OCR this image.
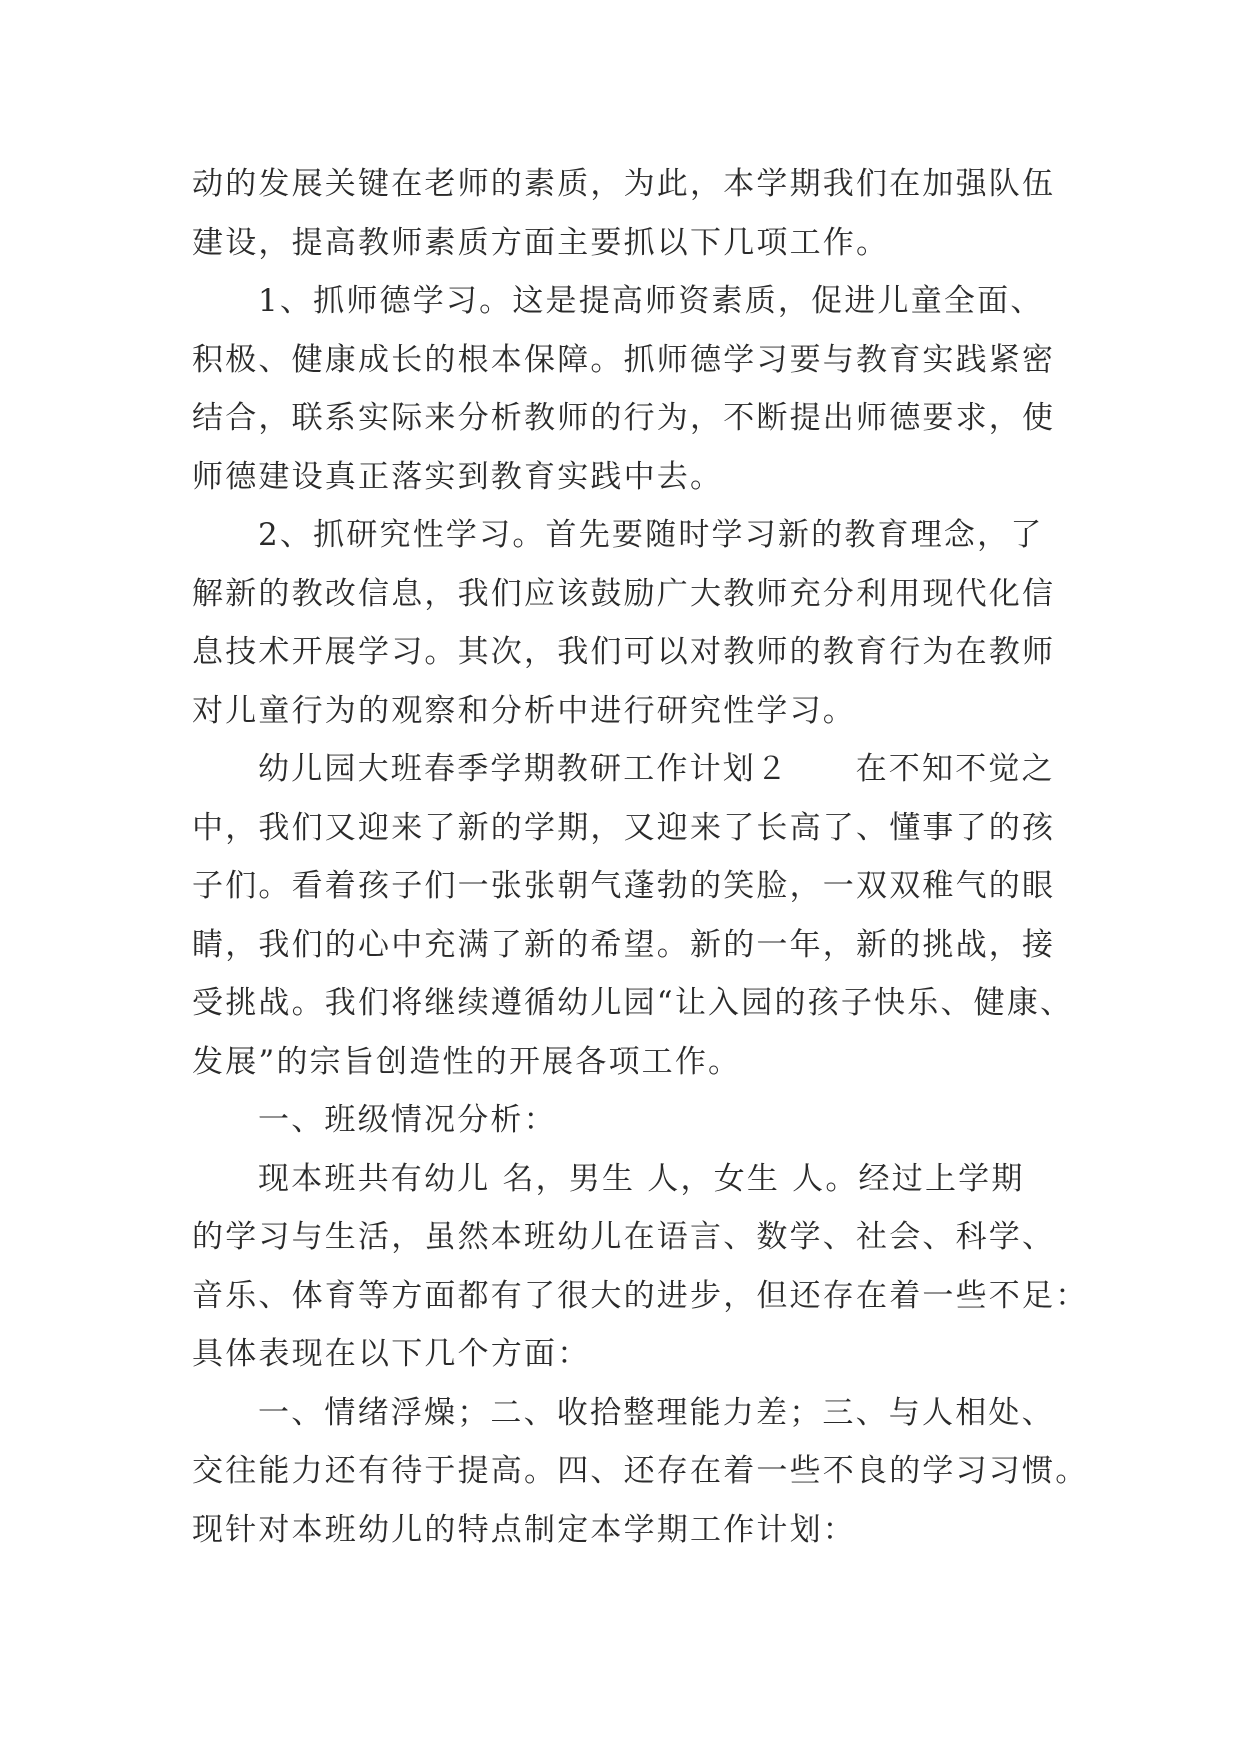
动的发展关键在老师的素质，为此，本学期我们在加强队伍
建设，提高教师素质方面主要抓以下几项工作。

1、抓师德学习。这是提高师资素质，促进儿童全面、
积极、健康成长的根本保障。抓师德学习要与教育实践紧密
结合，联系实际来分析教师的行为，不断提出师德要求，使
师德建设真正落实到教育实践中去。

2、抓研究性学习。首先要随时学习新的教育理念，了
解新的教改信息，我们应该鼓励广大教师充分利用现代化信
息技术开展学习。其次，我们可以对教师的教育行为在教师
对儿童行为的观察和分析中进行研究性学习。

幼儿园大班春季学期教研工作计划２　　在不知不觉之
中，我们又迎来了新的学期，又迎来了长高了、懂事了的孩
子们。看着孩子们一张张朝气蓬勃的笑脸，一双双稚气的眼
睛，我们的心中充满了新的希望。新的一年，新的挑战，接
受挑战。我们将继续遵循幼儿园“让入园的孩子快乐、健康、
发展”的宗旨创造性的开展各项工作。

一、班级情况分析：

现本班共有幼儿 名，男生 人，女生 人。经过上学期
的学习与生活，虽然本班幼儿在语言、数学、社会、科学、
音乐、体育等方面都有了很大的进步，但还存在着一些不足：
具体表现在以下几个方面：

一、情绪浮燥；二、收拾整理能力差；三、与人相处、
交往能力还有待于提高。四、还存在着一些不良的学习习惯。
现针对本班幼儿的特点制定本学期工作计划：
